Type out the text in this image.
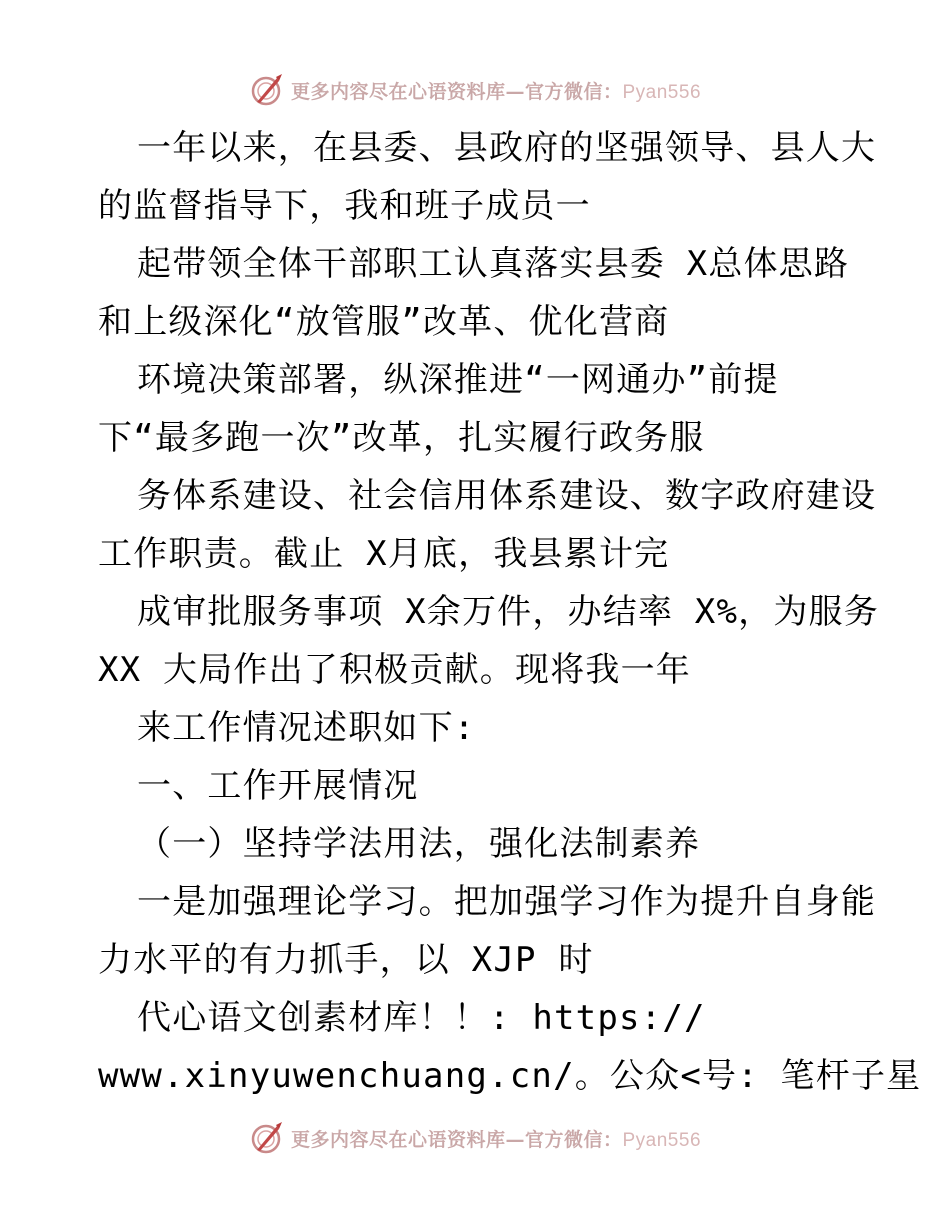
更多内容尽在心语资料库—官方微信：Pyan556
一年以来，在县委、县政府的坚强领导、县人大
的监督指导下，我和班子成员一
起带领全体干部职工认真落实县委 X总体思路
和上级深化“放管服”改革、优化营商
环境决策部署，纵深推进“一网通办”前提
下“最多跑一次”改革，扎实履行政务服
务体系建设、社会信用体系建设、数字政府建设
工作职责。截止 X月底，我县累计完
成审批服务事项 X余万件，办结率 X%，为服务
XX 大局作出了积极贡献。现将我一年
来工作情况述职如下:
一、工作开展情况
（一）坚持学法用法，强化法制素养
一是加强理论学习。把加强学习作为提升自身能
力水平的有力抓手，以 XJP 时
代心语文创素材库！！: https://
www.xinyuwenchuang.cn/。公众<号: 笔杆子星
更多内容尽在心语资料库—官方微信：Pyan556
